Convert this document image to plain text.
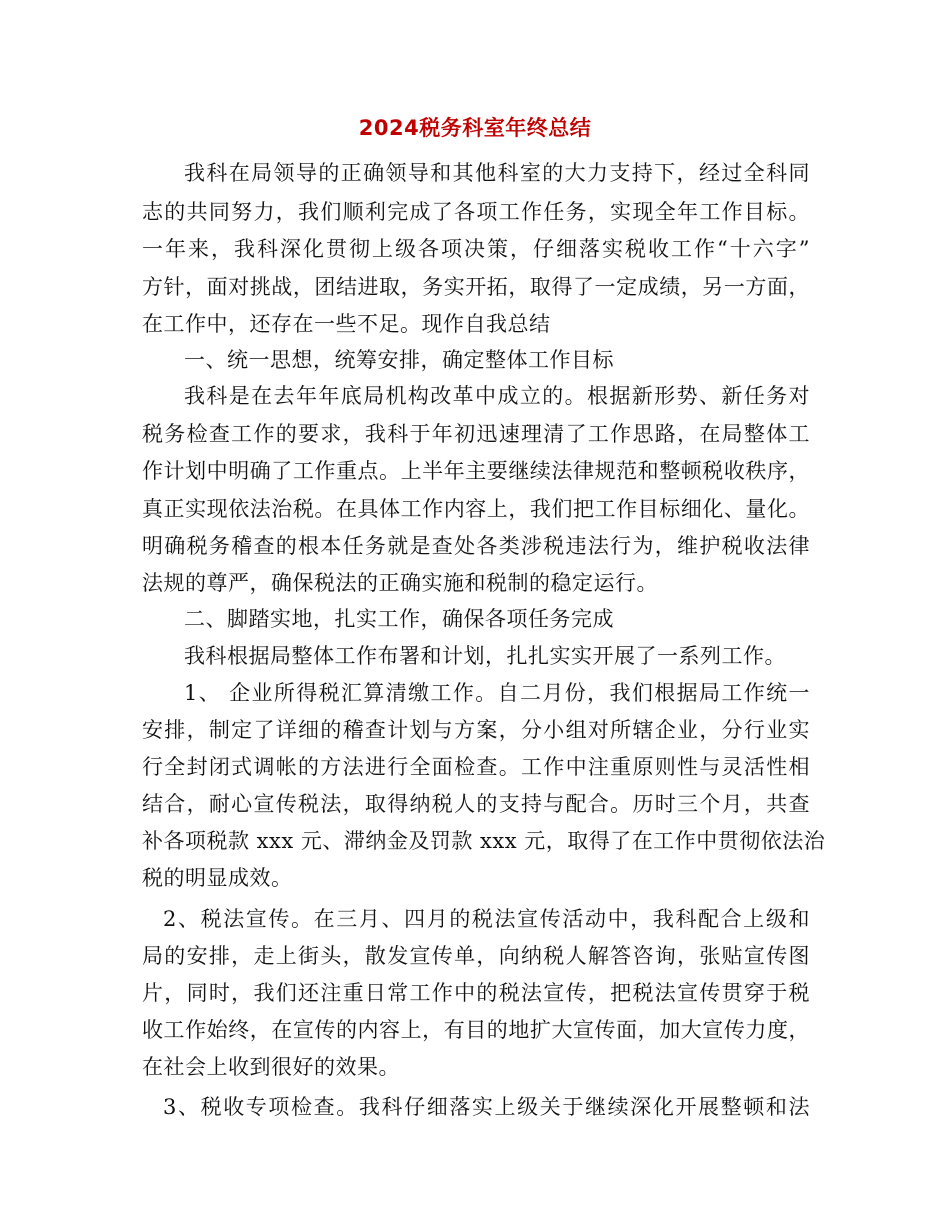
2024税务科室年终总结
我科在局领导的正确领导和其他科室的大力支持下，经过全科同
志的共同努力，我们顺利完成了各项工作任务，实现全年工作目标。
一年来，我科深化贯彻上级各项决策，仔细落实税收工作“十六字”
方针，面对挑战，团结进取，务实开拓，取得了一定成绩，另一方面，
在工作中，还存在一些不足。现作自我总结
一、统一思想，统筹安排，确定整体工作目标
我科是在去年年底局机构改革中成立的。根据新形势、新任务对
税务检查工作的要求，我科于年初迅速理清了工作思路，在局整体工
作计划中明确了工作重点。上半年主要继续法律规范和整顿税收秩序，
真正实现依法治税。在具体工作内容上，我们把工作目标细化、量化。
明确税务稽查的根本任务就是查处各类涉税违法行为，维护税收法律
法规的尊严，确保税法的正确实施和税制的稳定运行。
二、脚踏实地，扎实工作，确保各项任务完成
我科根据局整体工作布署和计划，扎扎实实开展了一系列工作。
1、 企业所得税汇算清缴工作。自二月份，我们根据局工作统一
安排，制定了详细的稽查计划与方案，分小组对所辖企业，分行业实
行全封闭式调帐的方法进行全面检查。工作中注重原则性与灵活性相
结合，耐心宣传税法，取得纳税人的支持与配合。历时三个月，共查
补各项税款 xxx 元、滞纳金及罚款 xxx 元，取得了在工作中贯彻依法治
税的明显成效。
2、税法宣传。在三月、四月的税法宣传活动中，我科配合上级和
局的安排，走上街头，散发宣传单，向纳税人解答咨询，张贴宣传图
片，同时，我们还注重日常工作中的税法宣传，把税法宣传贯穿于税
收工作始终，在宣传的内容上，有目的地扩大宣传面，加大宣传力度，
在社会上收到很好的效果。
3、税收专项检查。我科仔细落实上级关于继续深化开展整顿和法
